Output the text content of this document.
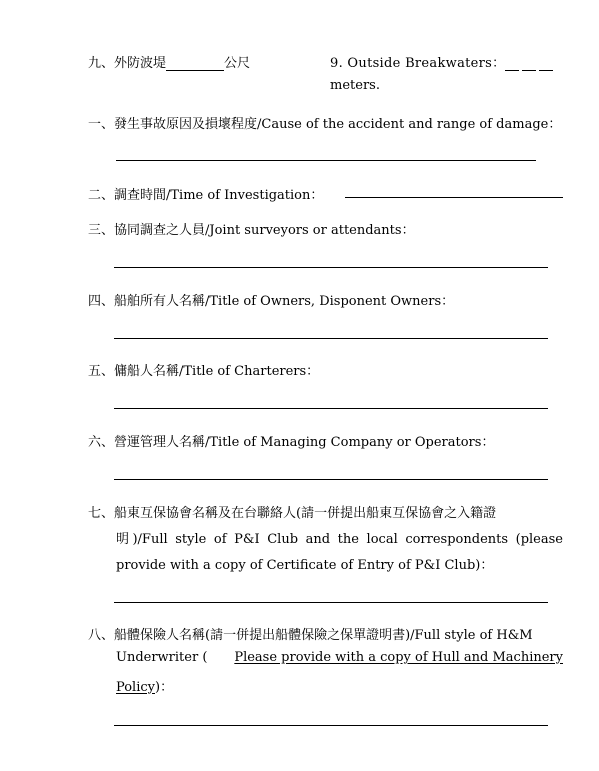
九、外防波堤	公尺	9. Outside Breakwaters：
meters.
一、發生事故原因及損壞程度/Cause of the accident and range of damage：
二、調查時間/Time of Investigation：
三、協同調查之人員/Joint surveyors or attendants：
四、船舶所有人名稱/Title of Owners, Disponent Owners：
五、傭船人名稱/Title of Charterers：
六、營運管理人名稱/Title of Managing Company or Operators：
七、船東互保協會名稱及在台聯絡人(請一併提出船東互保協會之入籍證
明)/Full style of P&I Club and the local correspondents (please
provide with a copy of Certificate of Entry of P&I Club)：
八、船體保險人名稱(請一併提出船體保險之保單證明書)/Full style of H&M
Underwriter ( Please provide with a copy of Hull and Machinery
Policy)：
